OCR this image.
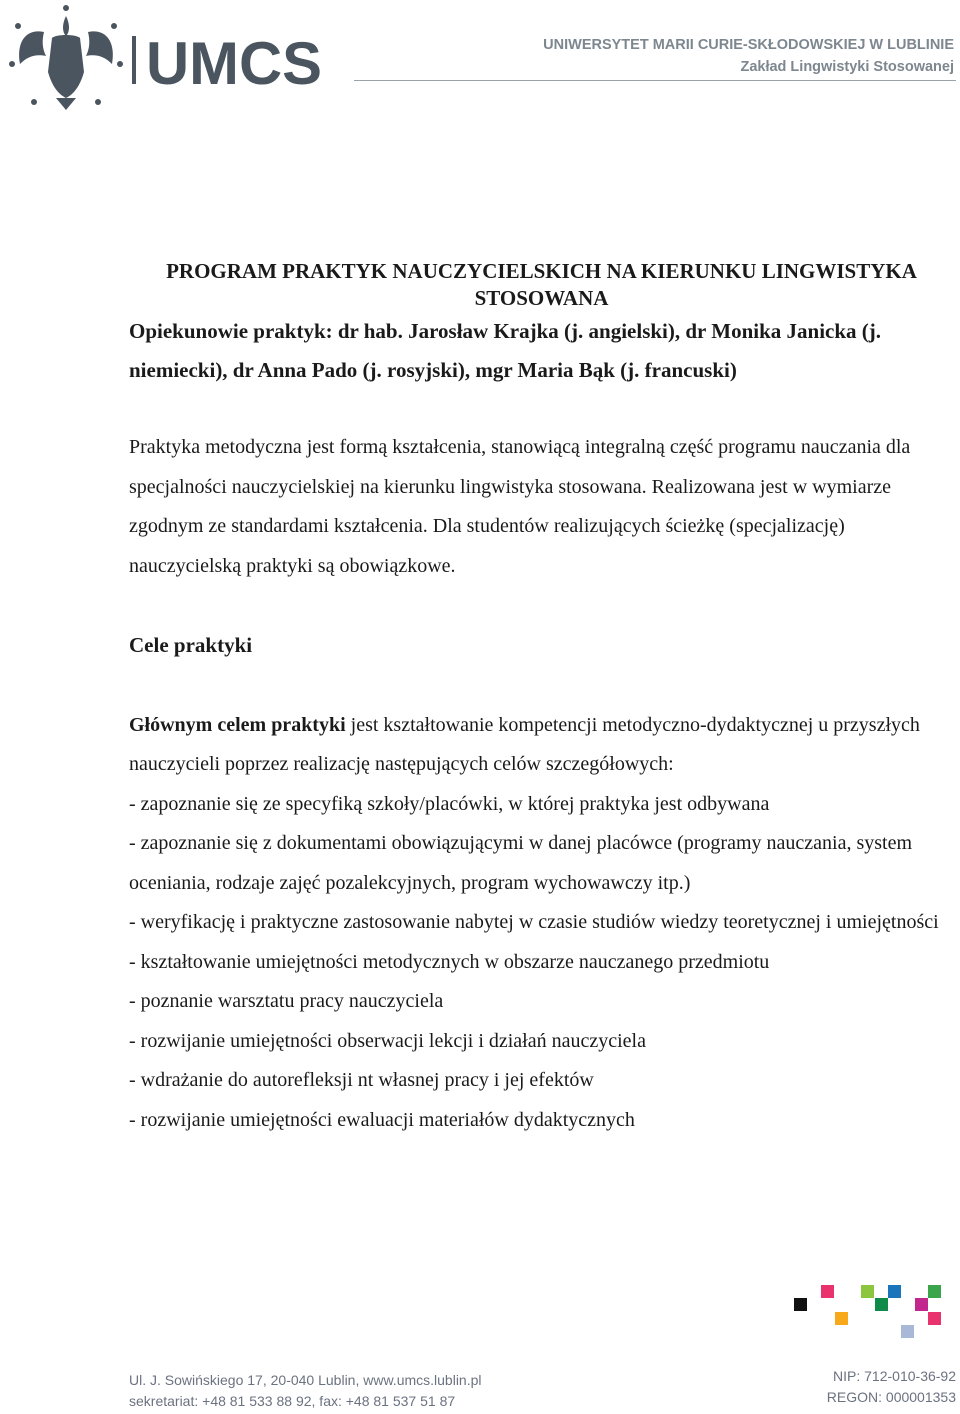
UMCS	UNIWERSYTET MARII CURIE-SKŁODOWSKIEJ W LUBLINIE
Zakład Lingwistyki Stosowanej

PROGRAM PRAKTYK NAUCZYCIELSKICH NA KIERUNKU LINGWISTYKA STOSOWANA

Opiekunowie praktyk: dr hab. Jarosław Krajka (j. angielski), dr Monika Janicka (j. niemiecki), dr Anna Pado (j. rosyjski), mgr Maria Bąk (j. francuski)

Praktyka metodyczna jest formą kształcenia, stanowiącą integralną część programu nauczania dla specjalności nauczycielskiej na kierunku lingwistyka stosowana. Realizowana jest w wymiarze zgodnym ze standardami kształcenia. Dla studentów realizujących ścieżkę (specjalizację) nauczycielską praktyki są obowiązkowe.

Cele praktyki

Głównym celem praktyki jest kształtowanie kompetencji metodyczno-dydaktycznej u przyszłych nauczycieli poprzez realizację następujących celów szczegółowych:

- zapoznanie się ze specyfiką szkoły/placówki, w której praktyka jest odbywana
- zapoznanie się z dokumentami obowiązującymi w danej placówce (programy nauczania, system oceniania, rodzaje zajęć pozalekcyjnych, program wychowawczy itp.)
- weryfikację i praktyczne zastosowanie nabytej w czasie studiów wiedzy teoretycznej i umiejętności
- kształtowanie umiejętności metodycznych w obszarze nauczanego przedmiotu
- poznanie warsztatu pracy nauczyciela
- rozwijanie umiejętności obserwacji lekcji i działań nauczyciela
- wdrażanie do autorefleksji nt własnej pracy i jej efektów
- rozwijanie umiejętności ewaluacji materiałów dydaktycznych
Ul. J. Sowińskiego 17, 20-040 Lublin, www.umcs.lublin.pl
sekretariat: +48 81 533 88 92, fax: +48 81 537 51 87
NIP: 712-010-36-92
REGON: 000001353
